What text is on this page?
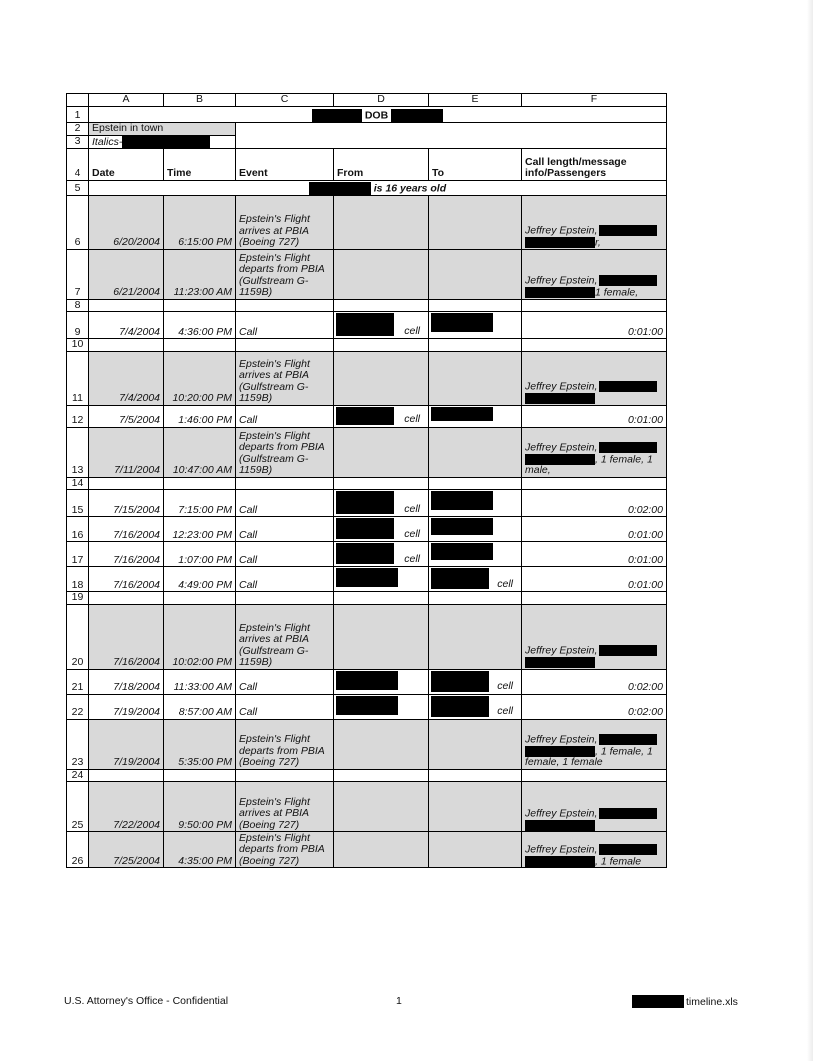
	A	B	C	D	E	F
1	DOB					
2	Epstein in town					
3	Italics-					
4	Date	Time	Event	From	To	Call length/message info/Passengers
5	is 16 years old					
6	6/20/2004	6:15:00 PM	Epstein's Flight arrives at PBIA (Boeing 727)			Jeffrey Epstein,
r,
7	6/21/2004	11:23:00 AM	Epstein's Flight departs from PBIA (Gulfstream G-1159B)			Jeffrey Epstein,
1 female,
8						
9	7/4/2004	4:36:00 PM	Call	cell		0:01:00
10						
11	7/4/2004	10:20:00 PM	Epstein's Flight arrives at PBIA (Gulfstream G-1159B)			Jeffrey Epstein,

12	7/5/2004	1:46:00 PM	Call	cell		0:01:00
13	7/11/2004	10:47:00 AM	Epstein's Flight departs from PBIA (Gulfstream G-1159B)			Jeffrey Epstein,
, 1 female, 1 male,
14						
15	7/15/2004	7:15:00 PM	Call	cell		0:02:00
16	7/16/2004	12:23:00 PM	Call	cell		0:01:00
17	7/16/2004	1:07:00 PM	Call	cell		0:01:00
18	7/16/2004	4:49:00 PM	Call		cell	0:01:00
19						
20	7/16/2004	10:02:00 PM	Epstein's Flight arrives at PBIA (Gulfstream G-1159B)			Jeffrey Epstein,

21	7/18/2004	11:33:00 AM	Call		cell	0:02:00
22	7/19/2004	8:57:00 AM	Call		cell	0:02:00
23	7/19/2004	5:35:00 PM	Epstein's Flight departs from PBIA (Boeing 727)			Jeffrey Epstein,
, 1 female, 1 female, 1 female
24						
25	7/22/2004	9:50:00 PM	Epstein's Flight arrives at PBIA (Boeing 727)			Jeffrey Epstein,

26	7/25/2004	4:35:00 PM	Epstein's Flight departs from PBIA (Boeing 727)			Jeffrey Epstein,
, 1 female
U.S. Attorney's Office - Confidential	1	timeline.xls
